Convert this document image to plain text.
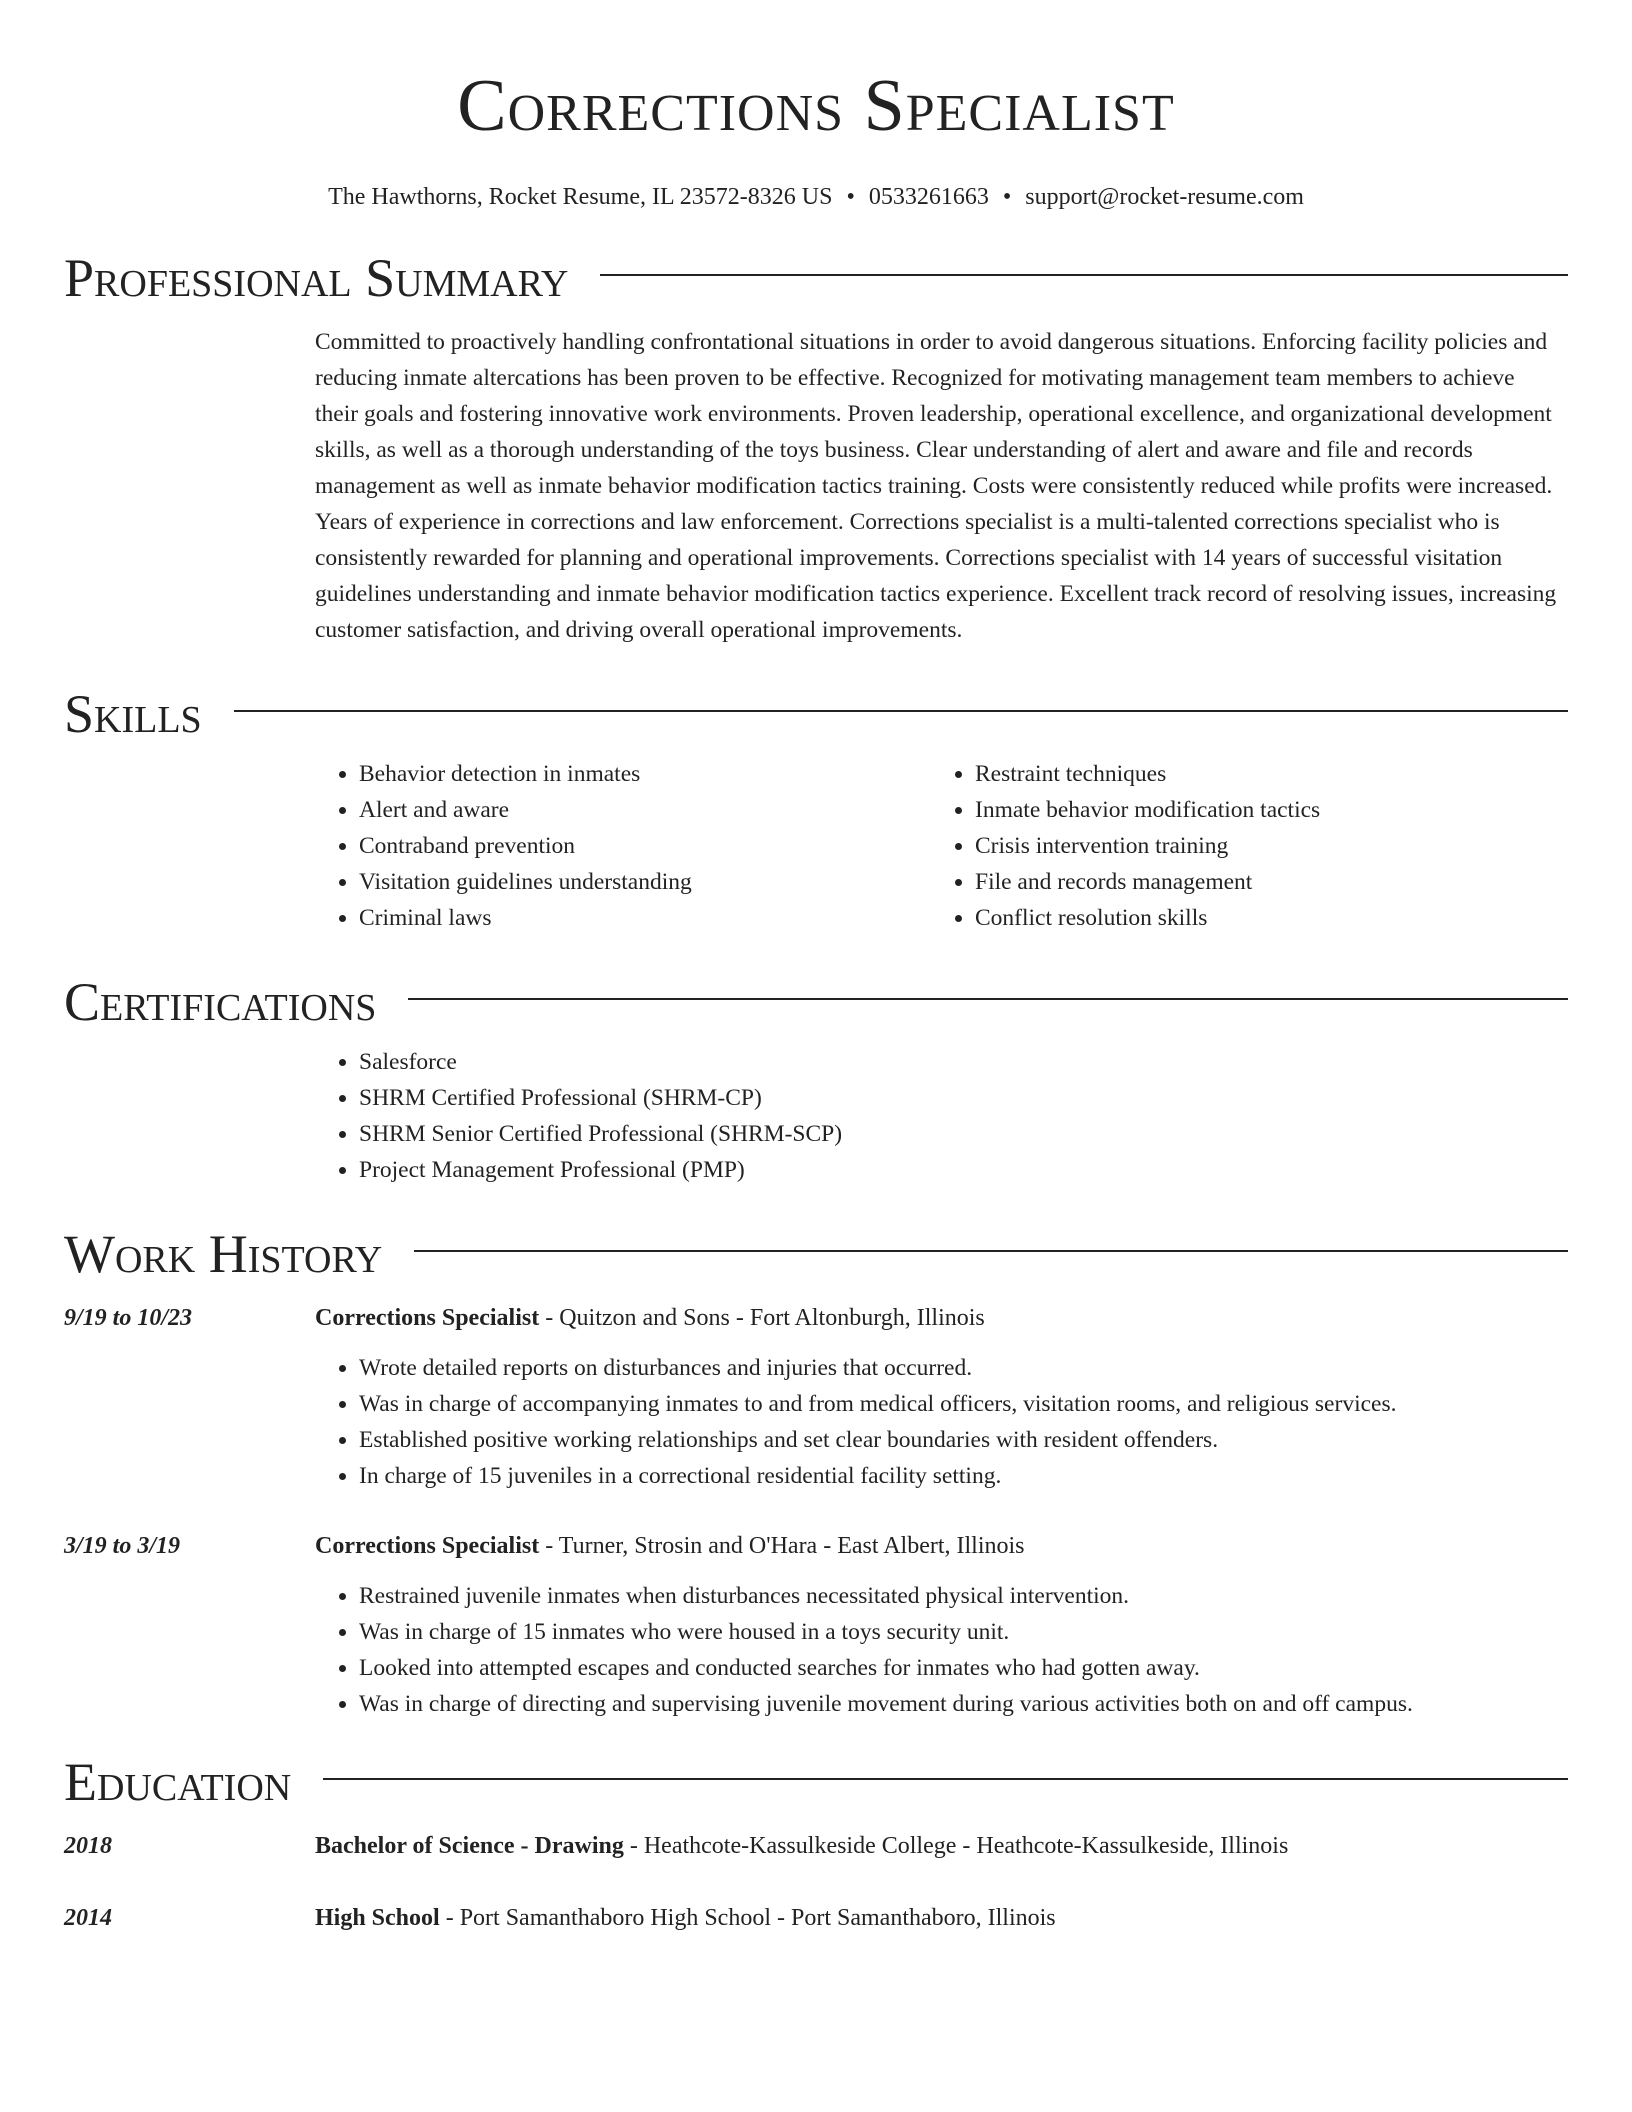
Corrections Specialist
The Hawthorns, Rocket Resume, IL 23572-8326 US • 0533261663 • support@rocket-resume.com
Professional Summary

Committed to proactively handling confrontational situations in order to avoid dangerous situations. Enforcing facility policies and reducing inmate altercations has been proven to be effective. Recognized for motivating management team members to achieve their goals and fostering innovative work environments. Proven leadership, operational excellence, and organizational development skills, as well as a thorough understanding of the toys business. Clear understanding of alert and aware and file and records management as well as inmate behavior modification tactics training. Costs were consistently reduced while profits were increased. Years of experience in corrections and law enforcement. Corrections specialist is a multi-talented corrections specialist who is consistently rewarded for planning and operational improvements. Corrections specialist with 14 years of successful visitation guidelines understanding and inmate behavior modification tactics experience. Excellent track record of resolving issues, increasing customer satisfaction, and driving overall operational improvements.

Skills
• Behavior detection in inmates
• Alert and aware
• Contraband prevention
• Visitation guidelines understanding
• Criminal laws
• Restraint techniques
• Inmate behavior modification tactics
• Crisis intervention training
• File and records management
• Conflict resolution skills
Certifications
• Salesforce
• SHRM Certified Professional (SHRM-CP)
• SHRM Senior Certified Professional (SHRM-SCP)
• Project Management Professional (PMP)
Work History
9/19 to 10/23	Corrections Specialist - Quitzon and Sons - Fort Altonburgh, Illinois
• Wrote detailed reports on disturbances and injuries that occurred.
• Was in charge of accompanying inmates to and from medical officers, visitation rooms, and religious services.
• Established positive working relationships and set clear boundaries with resident offenders.
• In charge of 15 juveniles in a correctional residential facility setting.
3/19 to 3/19	Corrections Specialist - Turner, Strosin and O'Hara - East Albert, Illinois
• Restrained juvenile inmates when disturbances necessitated physical intervention.
• Was in charge of 15 inmates who were housed in a toys security unit.
• Looked into attempted escapes and conducted searches for inmates who had gotten away.
• Was in charge of directing and supervising juvenile movement during various activities both on and off campus.
Education
2018	Bachelor of Science - Drawing - Heathcote-Kassulkeside College - Heathcote-Kassulkeside, Illinois
2014	High School - Port Samanthaboro High School - Port Samanthaboro, Illinois
